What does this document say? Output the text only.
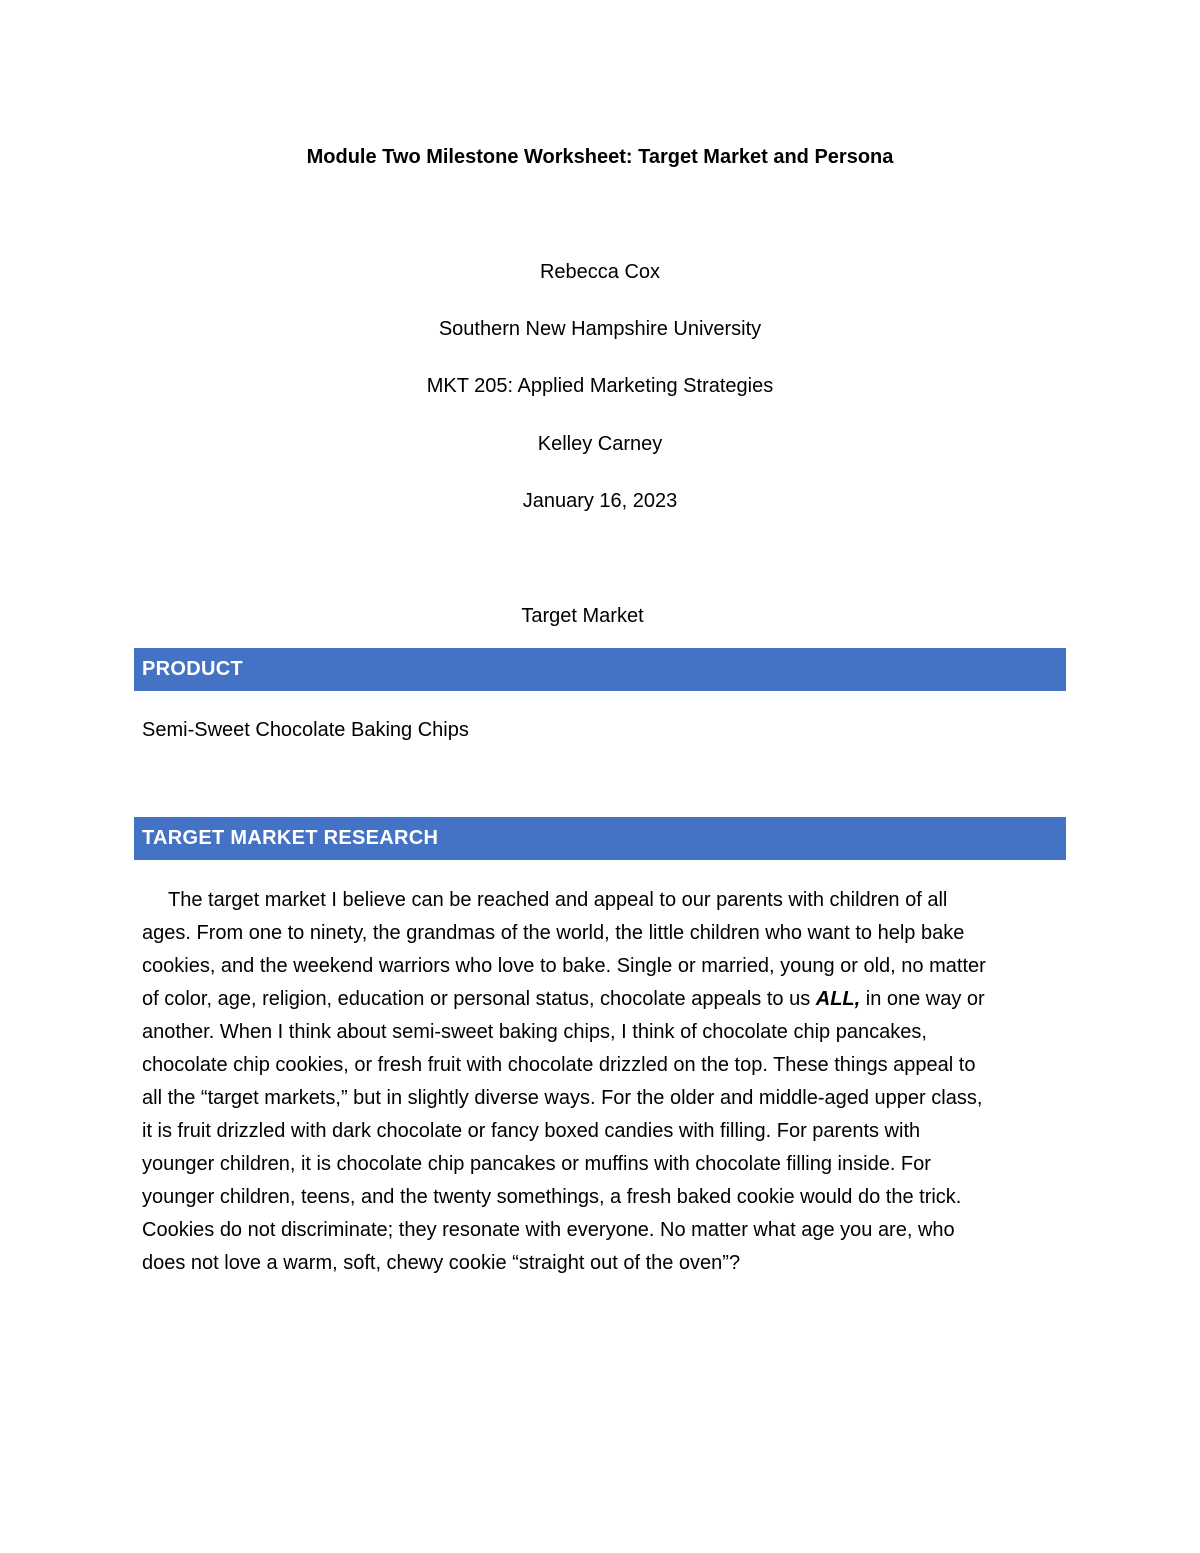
Module Two Milestone Worksheet: Target Market and Persona
Rebecca Cox
Southern New Hampshire University
MKT 205: Applied Marketing Strategies
Kelley Carney
January 16, 2023
Target Market
PRODUCT
Semi-Sweet Chocolate Baking Chips
TARGET MARKET RESEARCH
The target market I believe can be reached and appeal to our parents with children of all
ages. From one to ninety, the grandmas of the world, the little children who want to help bake
cookies, and the weekend warriors who love to bake. Single or married, young or old, no matter
of color, age, religion, education or personal status, chocolate appeals to us ALL, in one way or
another. When I think about semi-sweet baking chips, I think of chocolate chip pancakes,
chocolate chip cookies, or fresh fruit with chocolate drizzled on the top. These things appeal to
all the “target markets,” but in slightly diverse ways. For the older and middle-aged upper class,
it is fruit drizzled with dark chocolate or fancy boxed candies with filling. For parents with
younger children, it is chocolate chip pancakes or muffins with chocolate filling inside. For
younger children, teens, and the twenty somethings, a fresh baked cookie would do the trick.
Cookies do not discriminate; they resonate with everyone. No matter what age you are, who
does not love a warm, soft, chewy cookie “straight out of the oven”?
